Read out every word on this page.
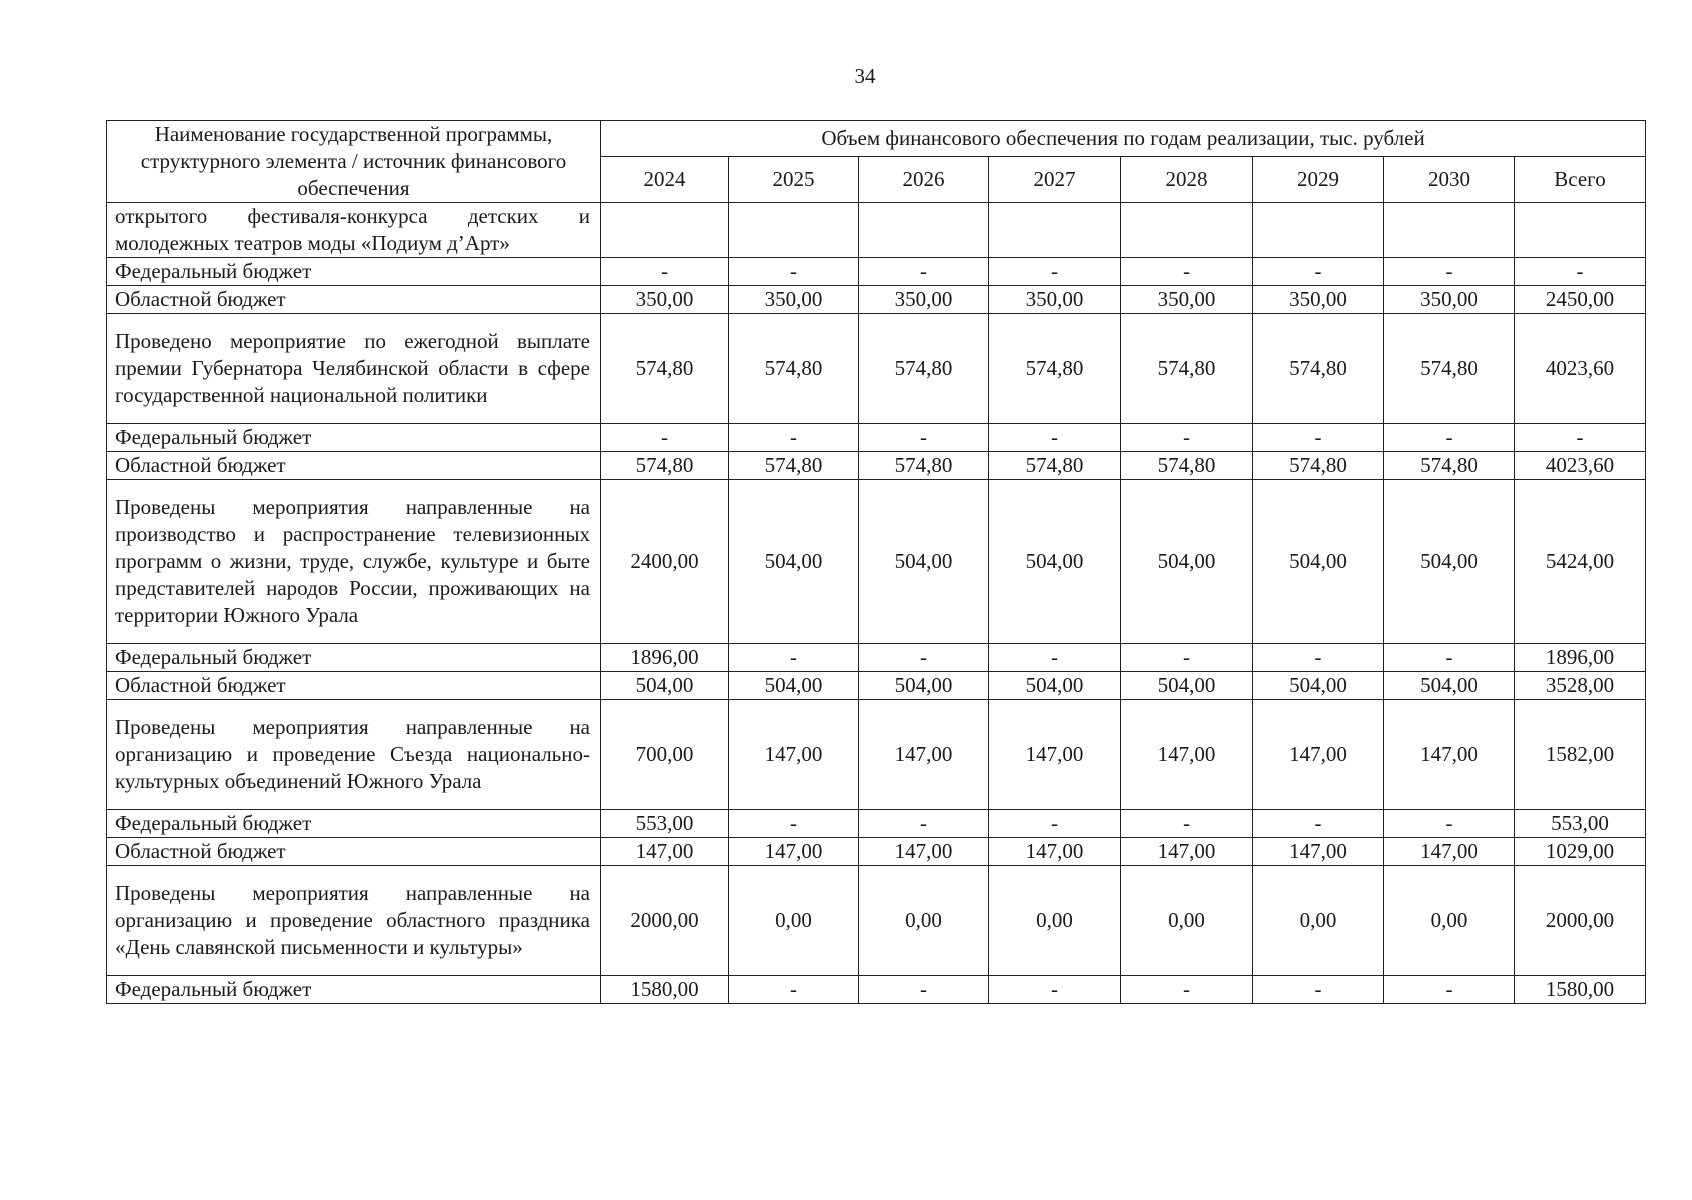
34
Наименование государственной программы, структурного элемента / источник финансового обеспечения	Объем финансового обеспечения по годам реализации, тыс. рублей							
	2024	2025	2026	2027	2028	2029	2030	Всего
открытого фестиваля-конкурса детских и молодежных театров моды «Подиум д’Арт»								
Федеральный бюджет	-	-	-	-	-	-	-	-
Областной бюджет	350,00	350,00	350,00	350,00	350,00	350,00	350,00	2450,00
Проведено мероприятие по ежегодной выплате премии Губернатора Челябинской области в сфере государственной национальной политики	574,80	574,80	574,80	574,80	574,80	574,80	574,80	4023,60
Федеральный бюджет	-	-	-	-	-	-	-	-
Областной бюджет	574,80	574,80	574,80	574,80	574,80	574,80	574,80	4023,60
Проведены мероприятия направленные на производство и распространение телевизионных программ о жизни, труде, службе, культуре и быте представителей народов России, проживающих на территории Южного Урала	2400,00	504,00	504,00	504,00	504,00	504,00	504,00	5424,00
Федеральный бюджет	1896,00	-	-	-	-	-	-	1896,00
Областной бюджет	504,00	504,00	504,00	504,00	504,00	504,00	504,00	3528,00
Проведены мероприятия направленные на организацию и проведение Съезда национально-культурных объединений Южного Урала	700,00	147,00	147,00	147,00	147,00	147,00	147,00	1582,00
Федеральный бюджет	553,00	-	-	-	-	-	-	553,00
Областной бюджет	147,00	147,00	147,00	147,00	147,00	147,00	147,00	1029,00
Проведены мероприятия направленные на организацию и проведение областного праздника «День славянской письменности и культуры»	2000,00	0,00	0,00	0,00	0,00	0,00	0,00	2000,00
Федеральный бюджет	1580,00	-	-	-	-	-	-	1580,00
